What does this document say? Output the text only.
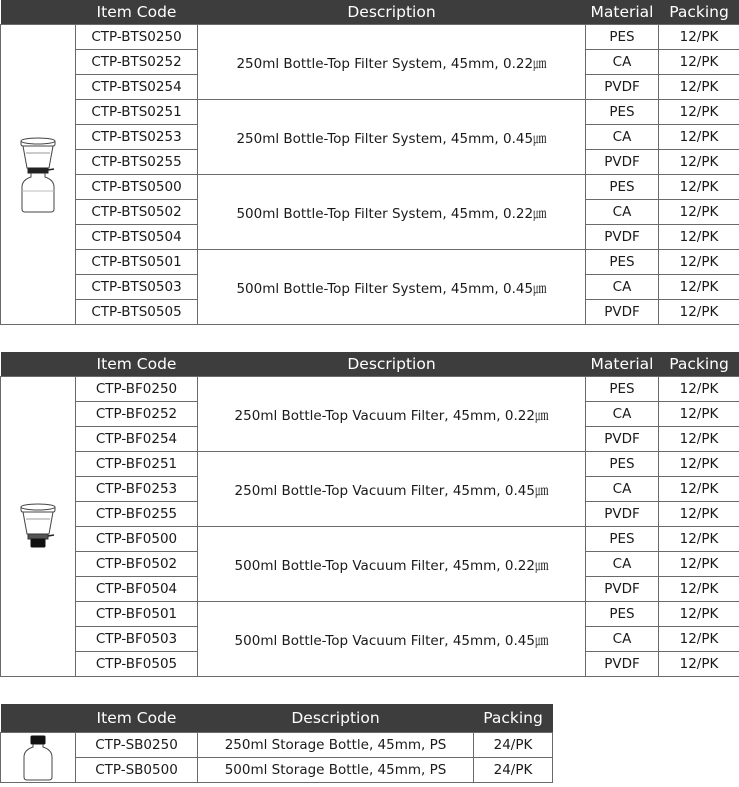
	Item Code	Description	Material	Packing

	CTP-BTS0250	250ml Bottle-Top Filter System, 45mm, 0.22㎛	PES	12/PK
	CTP-BTS0252		CA	12/PK
	CTP-BTS0254		PVDF	12/PK
	CTP-BTS0251	250ml Bottle-Top Filter System, 45mm, 0.45㎛	PES	12/PK
	CTP-BTS0253		CA	12/PK
	CTP-BTS0255		PVDF	12/PK
	CTP-BTS0500	500ml Bottle-Top Filter System, 45mm, 0.22㎛	PES	12/PK
	CTP-BTS0502		CA	12/PK
	CTP-BTS0504		PVDF	12/PK
	CTP-BTS0501	500ml Bottle-Top Filter System, 45mm, 0.45㎛	PES	12/PK
	CTP-BTS0503		CA	12/PK
	CTP-BTS0505		PVDF	12/PK
	Item Code	Description	Material	Packing

	CTP-BF0250	250ml Bottle-Top Vacuum Filter, 45mm, 0.22㎛	PES	12/PK
	CTP-BF0252		CA	12/PK
	CTP-BF0254		PVDF	12/PK
	CTP-BF0251	250ml Bottle-Top Vacuum Filter, 45mm, 0.45㎛	PES	12/PK
	CTP-BF0253		CA	12/PK
	CTP-BF0255		PVDF	12/PK
	CTP-BF0500	500ml Bottle-Top Vacuum Filter, 45mm, 0.22㎛	PES	12/PK
	CTP-BF0502		CA	12/PK
	CTP-BF0504		PVDF	12/PK
	CTP-BF0501	500ml Bottle-Top Vacuum Filter, 45mm, 0.45㎛	PES	12/PK
	CTP-BF0503		CA	12/PK
	CTP-BF0505		PVDF	12/PK
	Item Code	Description	Packing

	CTP-SB0250	250ml Storage Bottle, 45mm, PS	24/PK
	CTP-SB0500	500ml Storage Bottle, 45mm, PS	24/PK
